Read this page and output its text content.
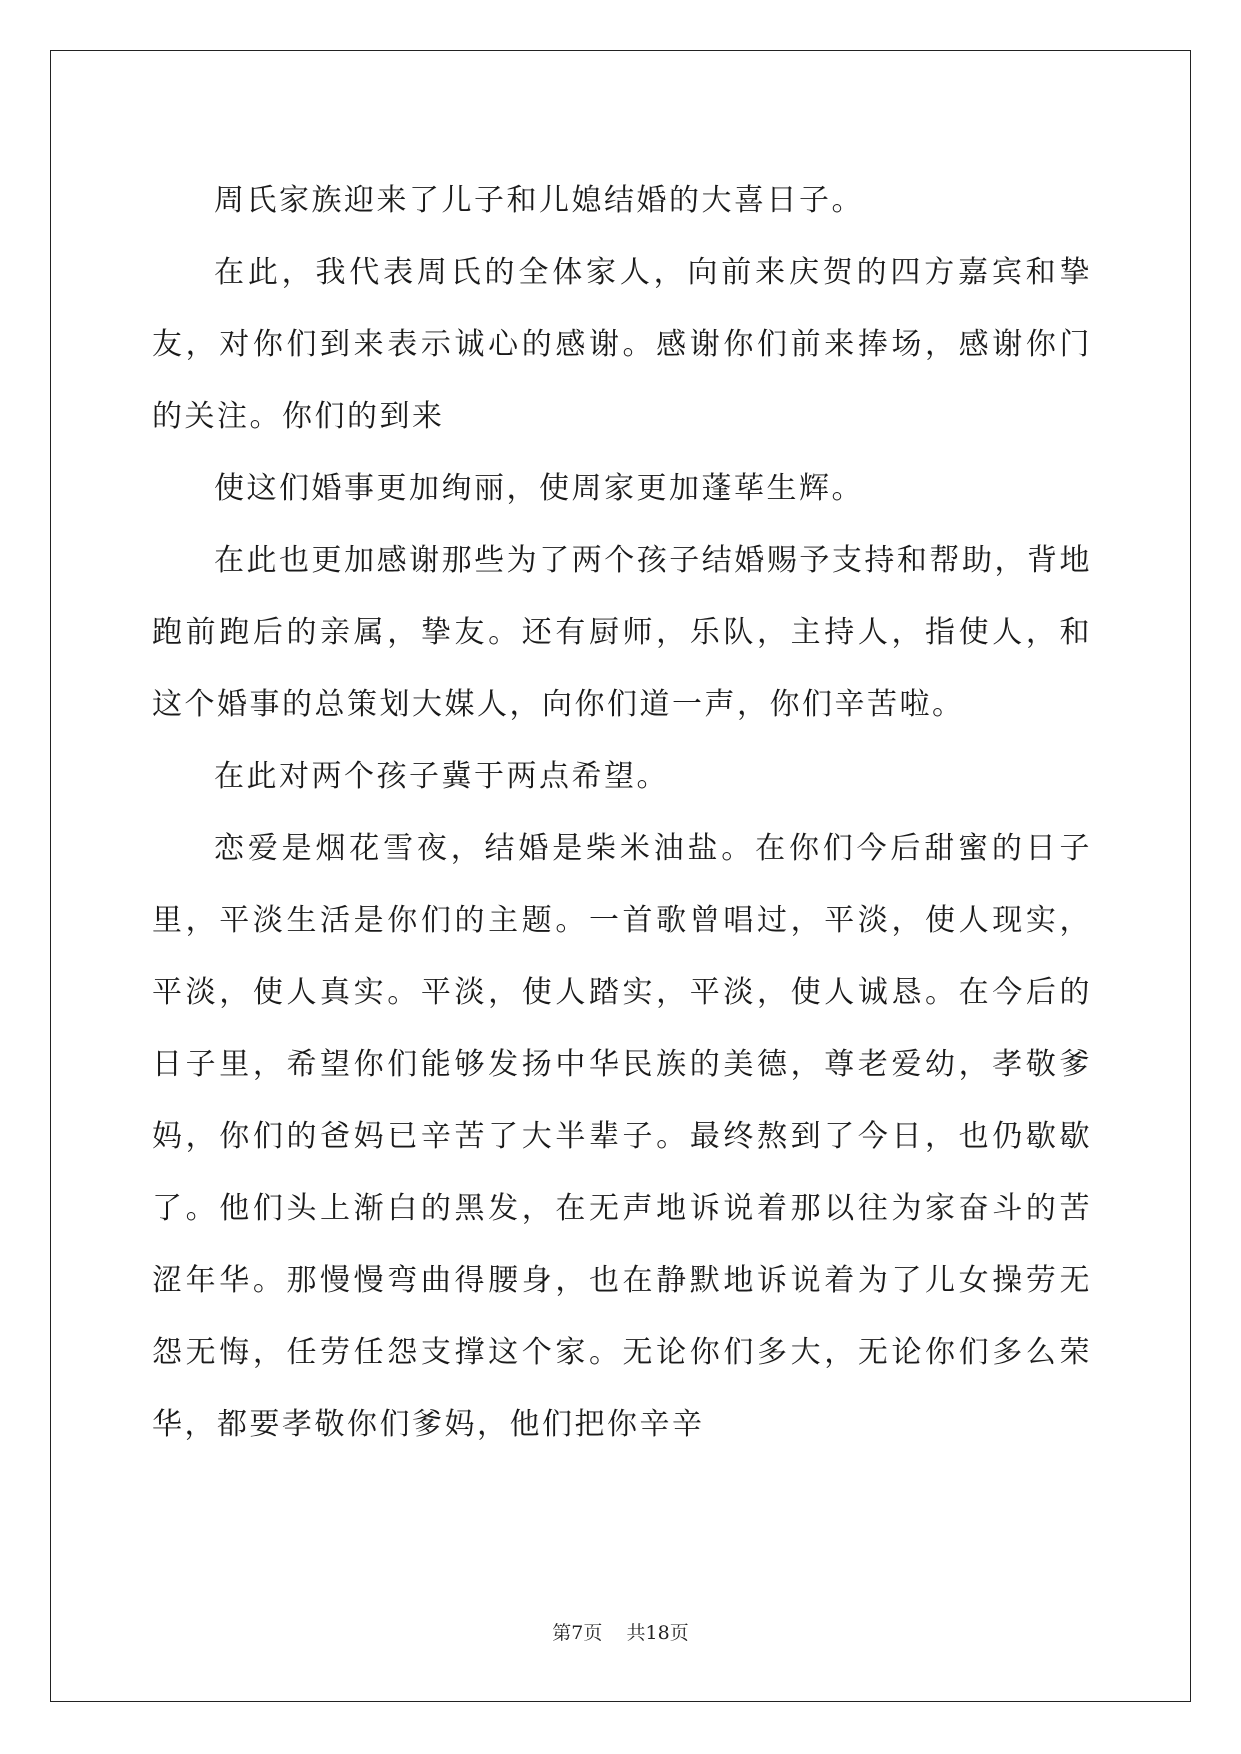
周氏家族迎来了儿子和儿媳结婚的大喜日子。

在此，我代表周氏的全体家人，向前来庆贺的四方嘉宾和挚友，对你们到来表示诚心的感谢。感谢你们前来捧场，感谢你门的关注。你们的到来

使这们婚事更加绚丽，使周家更加蓬荜生辉。

在此也更加感谢那些为了两个孩子结婚赐予支持和帮助，背地跑前跑后的亲属，挚友。还有厨师，乐队，主持人，指使人，和这个婚事的总策划大媒人，向你们道一声，你们辛苦啦。

在此对两个孩子冀于两点希望。

恋爱是烟花雪夜，结婚是柴米油盐。在你们今后甜蜜的日子里，平淡生活是你们的主题。一首歌曾唱过，平淡，使人现实，平淡，使人真实。平淡，使人踏实，平淡，使人诚恳。在今后的日子里，希望你们能够发扬中华民族的美德，尊老爱幼，孝敬爹妈，你们的爸妈已辛苦了大半辈子。最终熬到了今日，也仍歇歇了。他们头上渐白的黑发，在无声地诉说着那以往为家奋斗的苦涩年华。那慢慢弯曲得腰身，也在静默地诉说着为了儿女操劳无怨无悔，任劳任怨支撑这个家。无论你们多大，无论你们多么荣华，都要孝敬你们爹妈，他们把你辛辛

第7页 共18页
